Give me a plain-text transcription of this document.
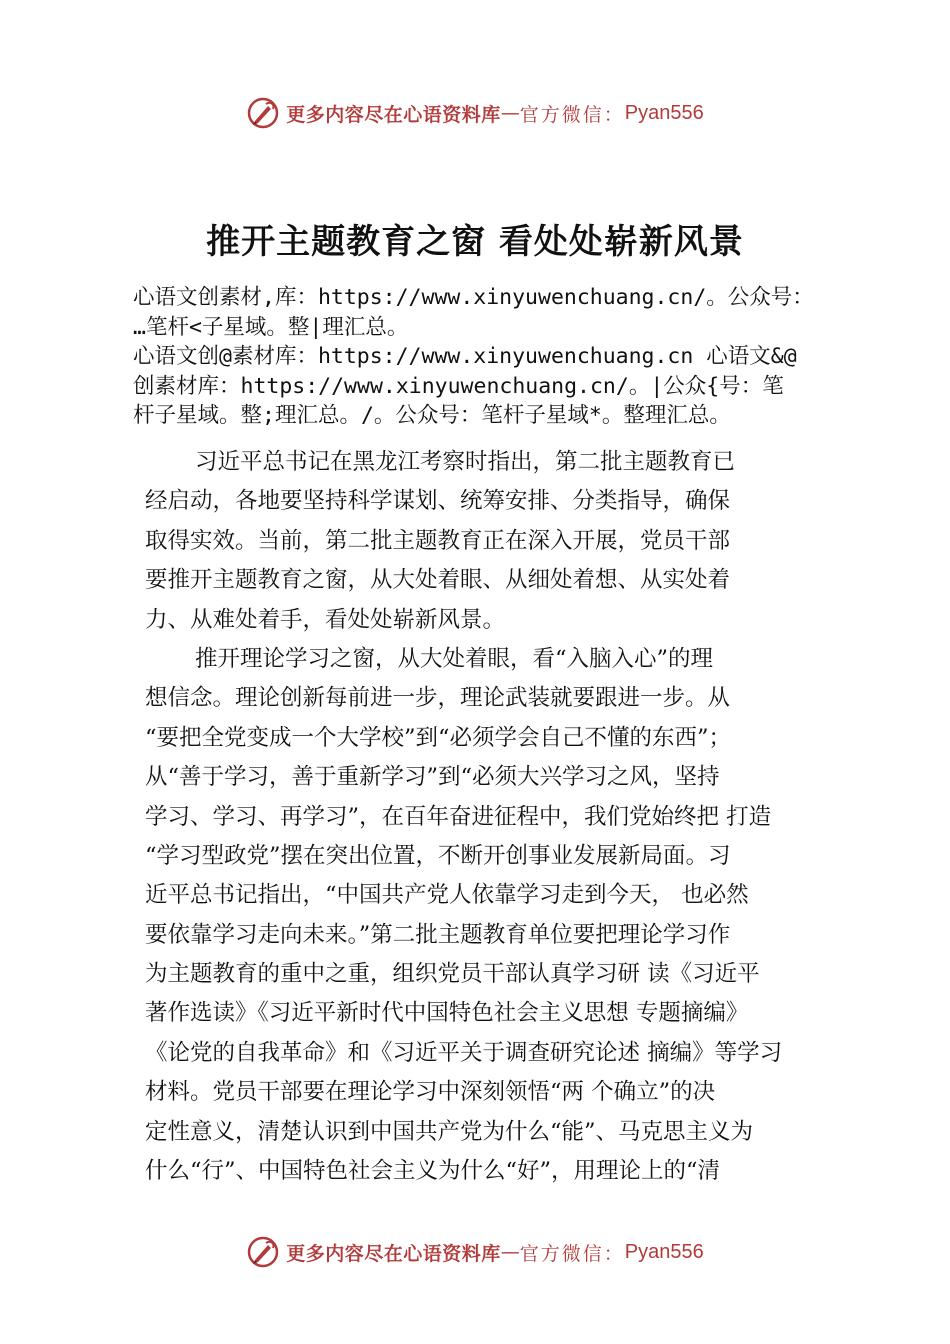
更多内容尽在心语资料库 — 官方微信： Pyan556
推开主题教育之窗 看处处崭新风景
心语文创素材,库：https://www.xinyuwenchuang.cn/。公众号：
…笔杆<子星域。整|理汇总。
心语文创@素材库：https://www.xinyuwenchuang.cn 心语文&@
创素材库：https://www.xinyuwenchuang.cn/。|公众{号：笔
杆子星域。整;理汇总。/。公众号：笔杆子星域*。整理汇总。
习近平总书记在黑龙江考察时指出，第二批主题教育已
经启动，各地要坚持科学谋划、统筹安排、分类指导，确保
取得实效。当前，第二批主题教育正在深入开展，党员干部
要推开主题教育之窗，从大处着眼、从细处着想、从实处着
力、从难处着手，看处处崭新风景。
推开理论学习之窗，从大处着眼，看“入脑入心”的理
想信念。理论创新每前进一步，理论武装就要跟进一步。从
“要把全党变成一个大学校”到“必须学会自己不懂的东西”；
从“善于学习，善于重新学习”到“必须大兴学习之风，坚持
学习、学习、再学习”，在百年奋进征程中，我们党始终把 打造
“学习型政党”摆在突出位置，不断开创事业发展新局面。习
近平总书记指出，“中国共产党人依靠学习走到今天， 也必然
要依靠学习走向未来。”第二批主题教育单位要把理论学习作
为主题教育的重中之重，组织党员干部认真学习研 读《习近平
著作选读》《习近平新时代中国特色社会主义思想 专题摘编》
《论党的自我革命》和《习近平关于调查研究论述 摘编》等学习
材料。党员干部要在理论学习中深刻领悟“两 个确立”的决
定性意义，清楚认识到中国共产党为什么“能”、马克思主义为
什么“行”、中国特色社会主义为什么“好”，用理论上的“清
更多内容尽在心语资料库 — 官方微信： Pyan556
